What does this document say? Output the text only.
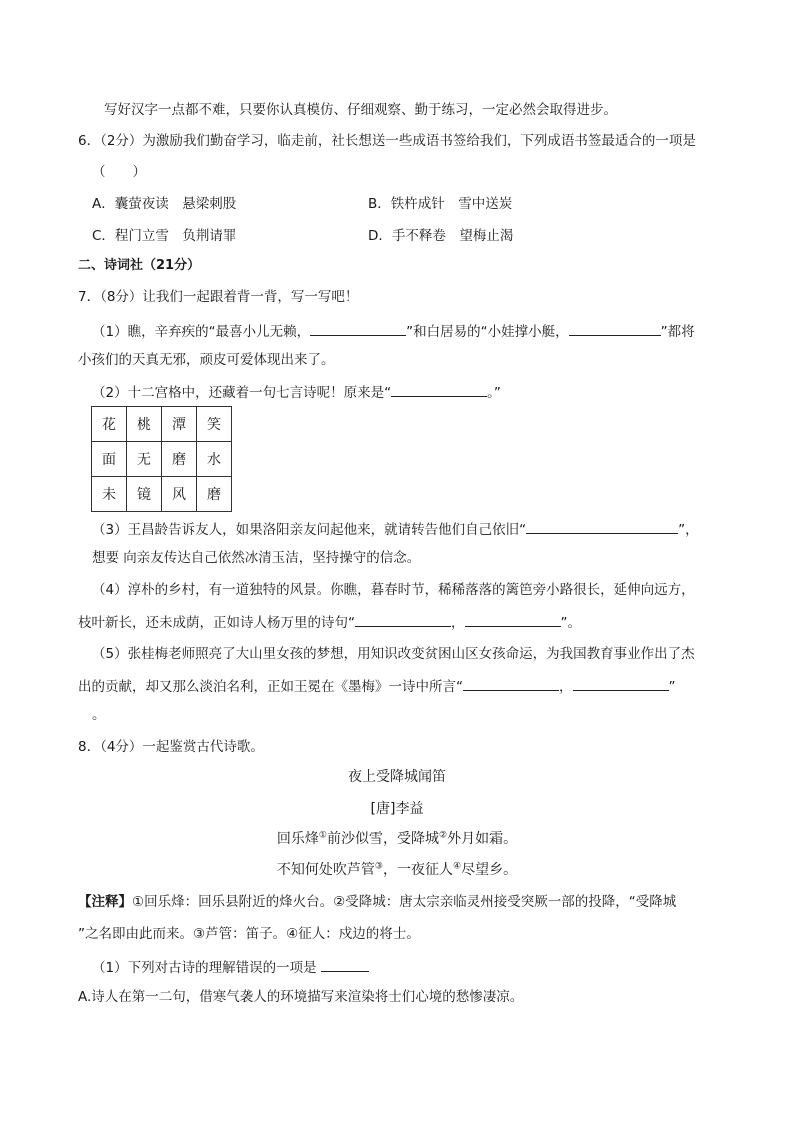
写好汉字一点都不难，只要你认真模仿、仔细观察、勤于练习，一定必然会取得进步。
6．（2分）为激励我们勤奋学习，临走前，社长想送一些成语书签给我们，下列成语书签最适合的一项是
（　　）
A．囊萤夜读　悬梁刺股	B．铁杵成针　雪中送炭
C．程门立雪　负荆请罪	D．手不释卷　望梅止渴
二、诗词社（21分）
7．（8分）让我们一起跟着背一背，写一写吧！
（1）瞧，辛弃疾的“最喜小儿无赖，	”和白居易的“小娃撑小艇，	”都将
小孩们的天真无邪，顽皮可爱体现出来了。
（2）十二宫格中，还藏着一句七言诗呢！原来是“	。”
花	桃	潭	笑
面	无	磨	水
未	镜	风	磨
（3）王昌龄告诉友人，如果洛阳亲友问起他来，就请转告他们自己依旧“	”，
想要 向亲友传达自己依然冰清玉洁，坚持操守的信念。
（4）淳朴的乡村，有一道独特的风景。你瞧，暮春时节，稀稀落落的篱笆旁小路很长，延伸向远方，
枝叶新长，还未成荫，正如诗人杨万里的诗句“	，	”。
（5）张桂梅老师照亮了大山里女孩的梦想，用知识改变贫困山区女孩命运，为我国教育事业作出了杰
出的贡献，却又那么淡泊名利，正如王冕在《墨梅》一诗中所言“	，	”
。
8．（4分）一起鉴赏古代诗歌。
夜上受降城闻笛
[唐]李益
回乐烽①前沙似雪，受降城②外月如霜。
不知何处吹芦管③，一夜征人④尽望乡。
【注释】①回乐烽：回乐县附近的烽火台。②受降城：唐太宗亲临灵州接受突厥一部的投降，“受降城
”之名即由此而来。③芦管：笛子。④征人：戍边的将士。
（1）下列对古诗的理解错误的一项是
A.诗人在第一二句，借寒气袭人的环境描写来渲染将士们心境的愁惨凄凉。
